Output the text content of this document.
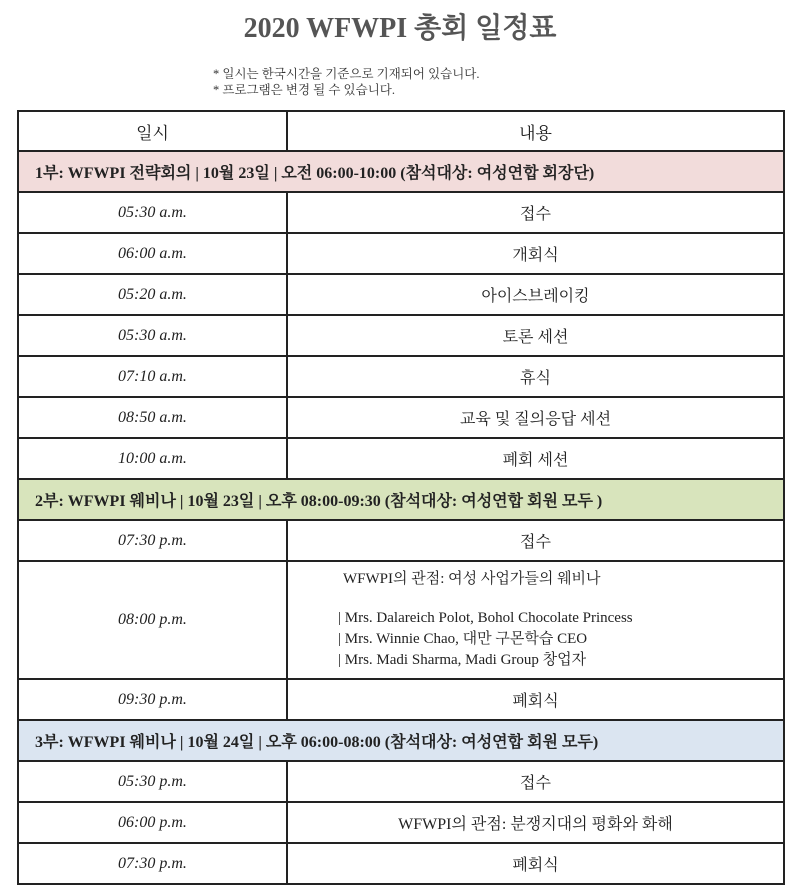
2020 WFWPI 총회 일정표
* 일시는 한국시간을 기준으로 기재되어 있습니다.
* 프로그램은 변경 될 수 있습니다.
일시	내용
1부: WFWPI 전략회의 | 10월 23일 | 오전 06:00-10:00 (참석대상: 여성연합 회장단)	
05:30 a.m.	접수
06:00 a.m.	개회식
05:20 a.m.	아이스브레이킹
05:30 a.m.	토론 세션
07:10 a.m.	휴식
08:50 a.m.	교육 및 질의응답 세션
10:00 a.m.	폐회 세션
2부: WFWPI 웨비나 | 10월 23일 | 오후 08:00-09:30 (참석대상: 여성연합 회원 모두 )	
07:30 p.m.	접수
08:00 p.m.	WFWPI의 관점: 여성 사업가들의 웨비나
| Mrs. Dalareich Polot, Bohol Chocolate Princess
| Mrs. Winnie Chao, 대만 구몬학습 CEO
| Mrs. Madi Sharma, Madi Group 창업자

09:30 p.m.	폐회식
3부: WFWPI 웨비나 | 10월 24일 | 오후 06:00-08:00 (참석대상: 여성연합 회원 모두)	
05:30 p.m.	접수
06:00 p.m.	WFWPI의 관점: 분쟁지대의 평화와 화해
07:30 p.m.	폐회식
